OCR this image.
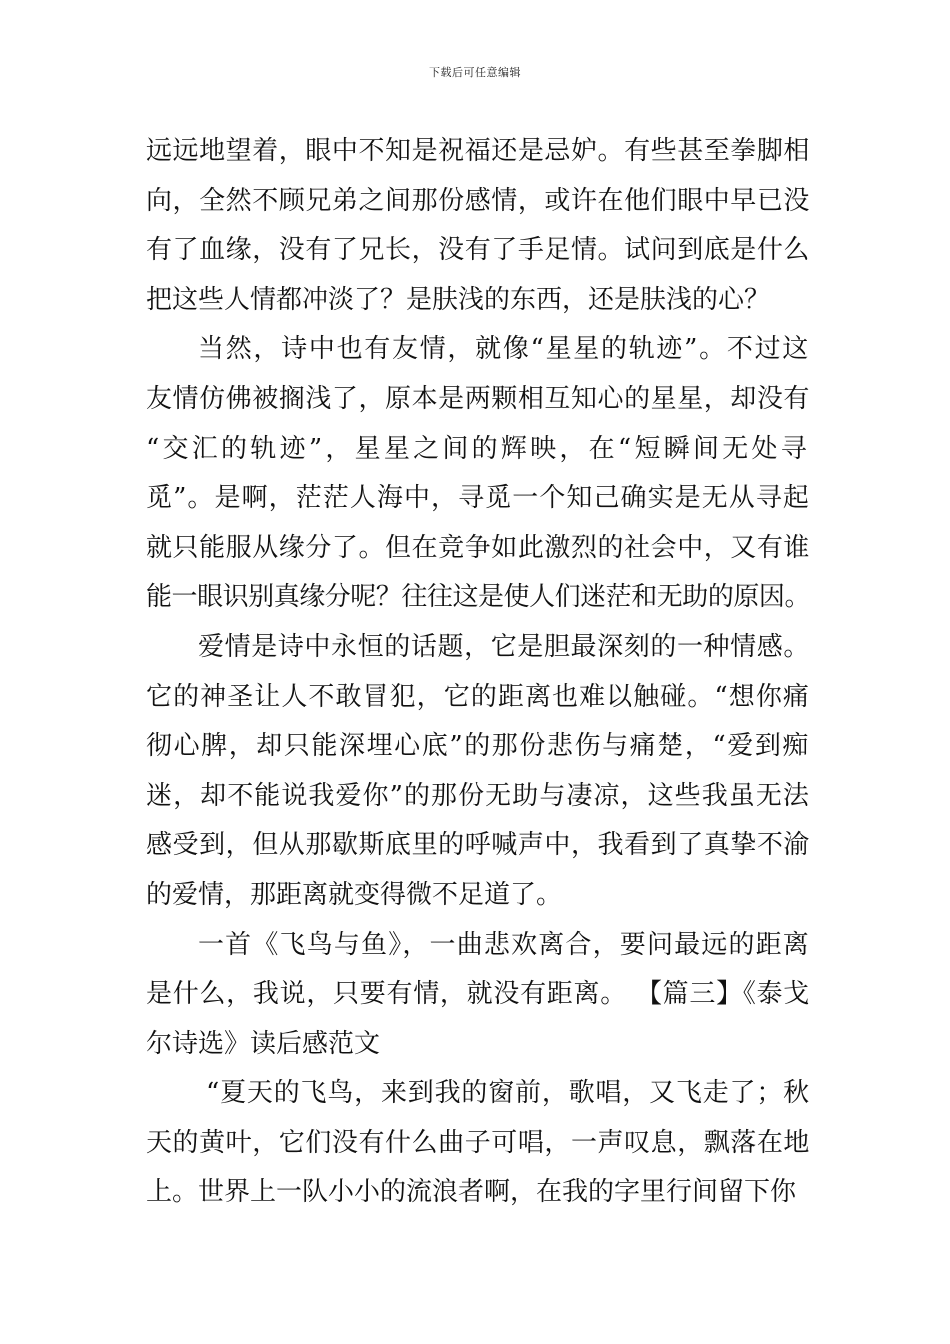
下载后可任意编辑

远远地望着，眼中不知是祝福还是忌妒。有些甚至拳脚相
向，全然不顾兄弟之间那份感情，或许在他们眼中早已没
有了血缘，没有了兄长，没有了手足情。试问到底是什么
把这些人情都冲淡了？是肤浅的东西，还是肤浅的心？

当然，诗中也有友情，就像“星星的轨迹”。不过这
友情仿佛被搁浅了，原本是两颗相互知心的星星，却没有
“交汇的轨迹”，星星之间的辉映，在“短瞬间无处寻
觅”。是啊，茫茫人海中，寻觅一个知己确实是无从寻起
就只能服从缘分了。但在竞争如此激烈的社会中，又有谁
能一眼识别真缘分呢？往往这是使人们迷茫和无助的原因。

爱情是诗中永恒的话题，它是胆最深刻的一种情感。
它的神圣让人不敢冒犯，它的距离也难以触碰。“想你痛
彻心脾，却只能深埋心底”的那份悲伤与痛楚，“爱到痴
迷，却不能说我爱你”的那份无助与凄凉，这些我虽无法
感受到，但从那歇斯底里的呼喊声中，我看到了真挚不渝
的爱情，那距离就变得微不足道了。

一首《飞鸟与鱼》，一曲悲欢离合，要问最远的距离
是什么，我说，只要有情，就没有距离。 【篇三】《泰戈
尔诗选》读后感范文

“夏天的飞鸟，来到我的窗前，歌唱，又飞走了；秋
天的黄叶，它们没有什么曲子可唱，一声叹息，飘落在地
上。世界上一队小小的流浪者啊，在我的字里行间留下你
